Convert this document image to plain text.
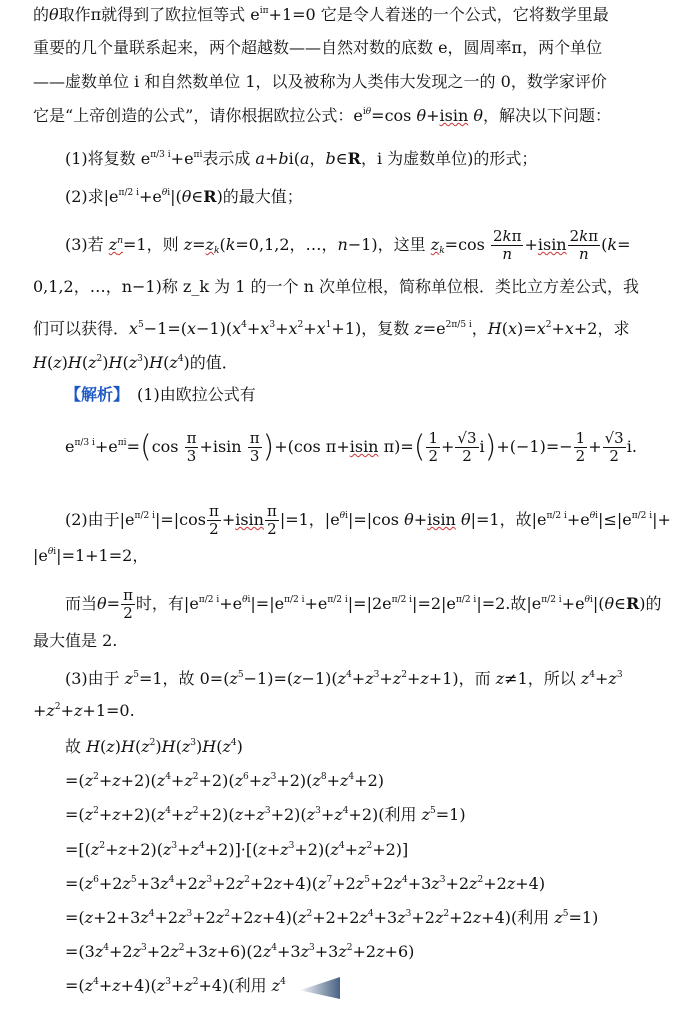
的θ取作π就得到了欧拉恒等式 $e^{i\pi}+1=0$ 它是令人着迷的一个公式，它将数学里最
重要的几个量联系起来，两个超越数——自然对数的底数 e，圆周率π，两个单位
——虚数单位 i 和自然数单位 1，以及被称为人类伟大发现之一的 0，数学家评价
它是“上帝创造的公式”，请你根据欧拉公式：$e^{i\theta}=\cos$ θ+isin θ，解决以下问题：
(1)将复数 $e^{\pi/3 i}+e^{\pi i}$表示成 a+bi(a，b∈R，i 为虚数单位)的形式；
(2)求$|e^{\pi/2 i}+e^{\theta i}|(\theta\in R)$的最大值；
(3)若 $z^n=1$，则 $z=z_k(k=0,1,2$，…，n−1)，这里 $z_k=\cos \frac{2k\pi}{n} +isin \frac{2k\pi}{n} (k=$
0,1,2，…，n−1)称 z_k 为 1 的一个 n 次单位根，简称单位根．类比立方差公式，我
们可以获得．$x^5-1=(x-1)(x^4+x^3+x^2+x^1+1)$，复数 $z=e^{2\pi/5 i}$，$H(x)=x^2+x+2$，求
$H(z)H(z^2)H(z^3)H(z^4)$的值．
【解析】　 (1)由欧拉公式有
$e^{\pi/3 i}+e^{\pi i}=(\cos \frac{\pi}{3} +isin \frac{\pi}{3} )+(\cos$ π+isin $\pi)=( \frac{1}{2} + \frac{√3}{2} i)+(-1)=- \frac{1}{2} + \frac{√3}{2} i$.
(2)由于$|e^{\pi/2 i}|=|\cos \frac{\pi}{2} +isin \frac{\pi}{2} |=1$，$|e^{\theta i}|=|\cos$ θ+isin θ|=1，故$|e^{\pi/2 i}+e^{\theta i}|\le|e^{\pi/2 i}|+$
$|e^{\theta i}|=1+1=2$，
而当$\theta= \frac{\pi}{2}$ 时，有$|e^{\pi/2 i}+e^{\theta i}|=|e^{\pi/2 i}+e^{\pi/2 i}|=|2e^{\pi/2 i}|=2|e^{\pi/2 i}|=2$.故$|e^{\pi/2 i}+e^{\theta i}|(\theta\in R)$的
最大值是 2.
(3)由于 $z^5=1$，故 $0=(z^5-1)=(z-1)(z^4+z^3+z^2+z+1)$，而 z≠1，所以 $z^4+z^3$
$+z^2+z+1=0$.
故 $H(z)H(z^2)H(z^3)H(z^4)$
$=(z^2+z+2)(z^4+z^2+2)(z^6+z^3+2)(z^8+z^4+2)$
$=(z^2+z+2)(z^4+z^2+2)(z+z^3+2)(z^3+z^4+2)$(利用 $z^5=1$)
$=[(z^2+z+2)(z^3+z^4+2)]\cdot[(z+z^3+2)(z^4+z^2+2)]$
$=(z^6+2z^5+3z^4+2z^3+2z^2+2z+4)(z^7+2z^5+2z^4+3z^3+2z^2+2z+4)$
$=(z+2+3z^4+2z^3+2z^2+2z+4)(z^2+2+2z^4+3z^3+2z^2+2z+4)$(利用 $z^5=1$)
$=(3z^4+2z^3+2z^2+3z+6)(2z^4+3z^3+3z^2+2z+6)$
$=(z^4+z+4)(z^3+z^2+4)$(利用 $z^4$
